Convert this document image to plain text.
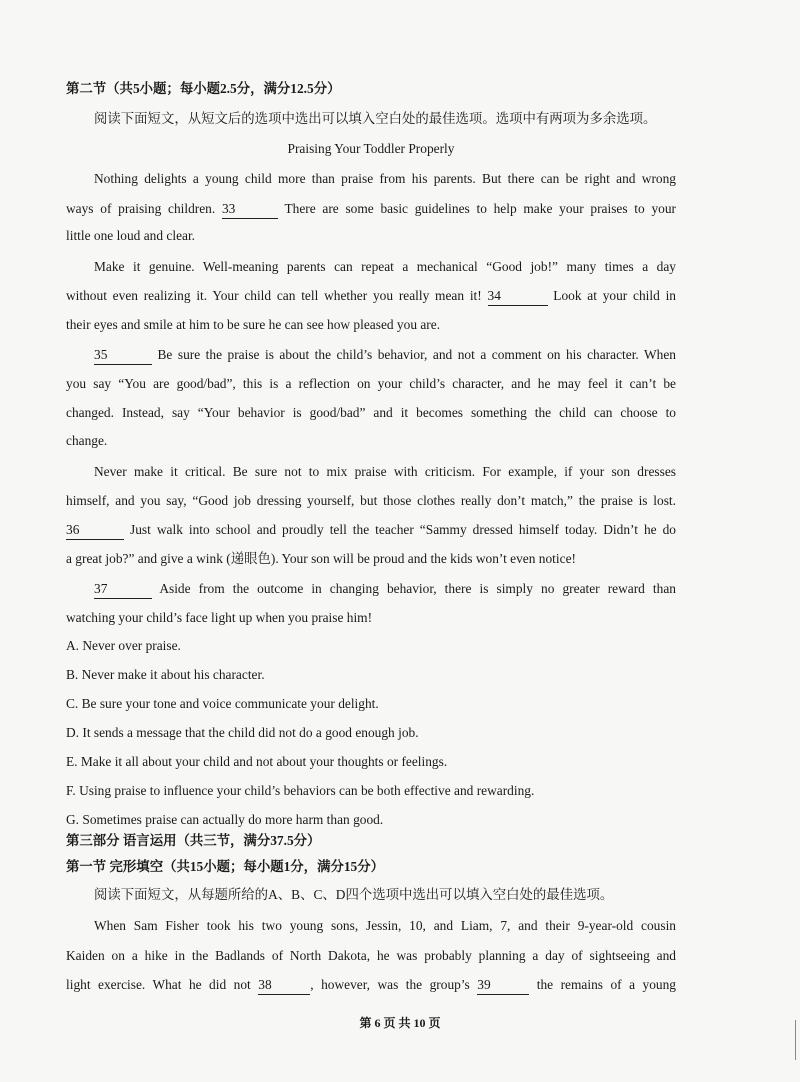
第二节（共5小题；每小题2.5分，满分12.5分）
阅读下面短文，从短文后的选项中选出可以填入空白处的最佳选项。选项中有两项为多余选项。
Praising Your Toddler Properly
Nothing delights a young child more than praise from his parents. But there can be right and wrong
ways of praising children. 33	There are some basic guidelines to help make your praises to your
little one loud and clear.
Make it genuine. Well-meaning parents can repeat a mechanical “Good job!” many times a day
without even realizing it. Your child can tell whether you really mean it! 34	Look at your child in
their eyes and smile at him to be sure he can see how pleased you are.
35	Be sure the praise is about the child’s behavior, and not a comment on his character. When
you say “You are good/bad”, this is a reflection on your child’s character, and he may feel it can’t be
changed. Instead, say “Your behavior is good/bad” and it becomes something the child can choose to
change.
Never make it critical. Be sure not to mix praise with criticism. For example, if your son dresses
himself, and you say, “Good job dressing yourself, but those clothes really don’t match,” the praise is lost.
36	Just walk into school and proudly tell the teacher “Sammy dressed himself today. Didn’t he do
a great job?” and give a wink (递眼色). Your son will be proud and the kids won’t even notice!
37	Aside from the outcome in changing behavior, there is simply no greater reward than
watching your child’s face light up when you praise him!
A. Never over praise.
B. Never make it about his character.
C. Be sure your tone and voice communicate your delight.
D. It sends a message that the child did not do a good enough job.
E. Make it all about your child and not about your thoughts or feelings.
F. Using praise to influence your child’s behaviors can be both effective and rewarding.
G. Sometimes praise can actually do more harm than good.
第三部分 语言运用（共三节，满分37.5分）
第一节 完形填空（共15小题；每小题1分，满分15分）
阅读下面短文，从每题所给的A、B、C、D四个选项中选出可以填入空白处的最佳选项。
When Sam Fisher took his two young sons, Jessin, 10, and Liam, 7, and their 9-year-old cousin
Kaiden on a hike in the Badlands of North Dakota, he was probably planning a day of sightseeing and
light exercise. What he did not 38	, however, was the group’s 39	the remains of a young
第 6 页 共 10 页
